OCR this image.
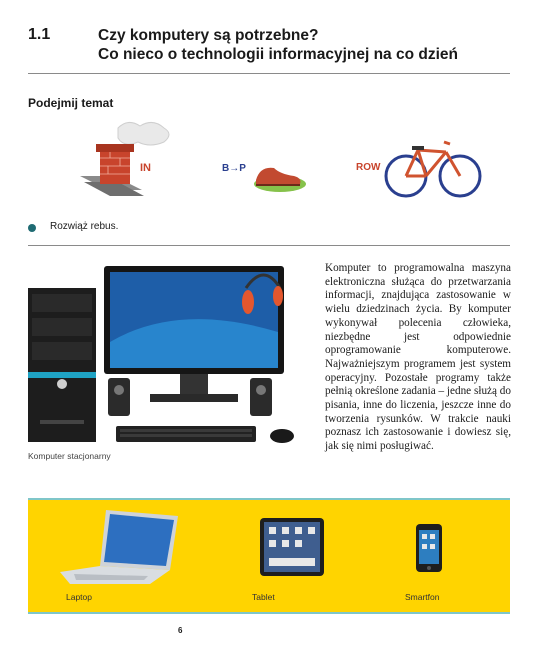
1.1	Czy komputery są potrzebne?
Co nieco o technologii informacyjnej na co dzień
Podejmij temat
IN	B→P	ROW
Rozwiąż rebus.
Komputer stacjonarny
Komputer to programowalna maszyna elektroniczna służąca do przetwarzania informacji, znajdująca zastosowanie w wielu dziedzinach życia. By komputer wykonywał polecenia człowieka, niezbędne jest odpowiednie oprogramowanie komputerowe. Najważniejszym programem jest system operacyjny. Pozostałe programy także pełnią określone zadania – jedne służą do pisania, inne do liczenia, jeszcze inne do tworzenia rysunków. W trakcie nauki poznasz ich zastosowanie i dowiesz się, jak się nimi posługiwać.
Laptop	Tablet	Smartfon
6
